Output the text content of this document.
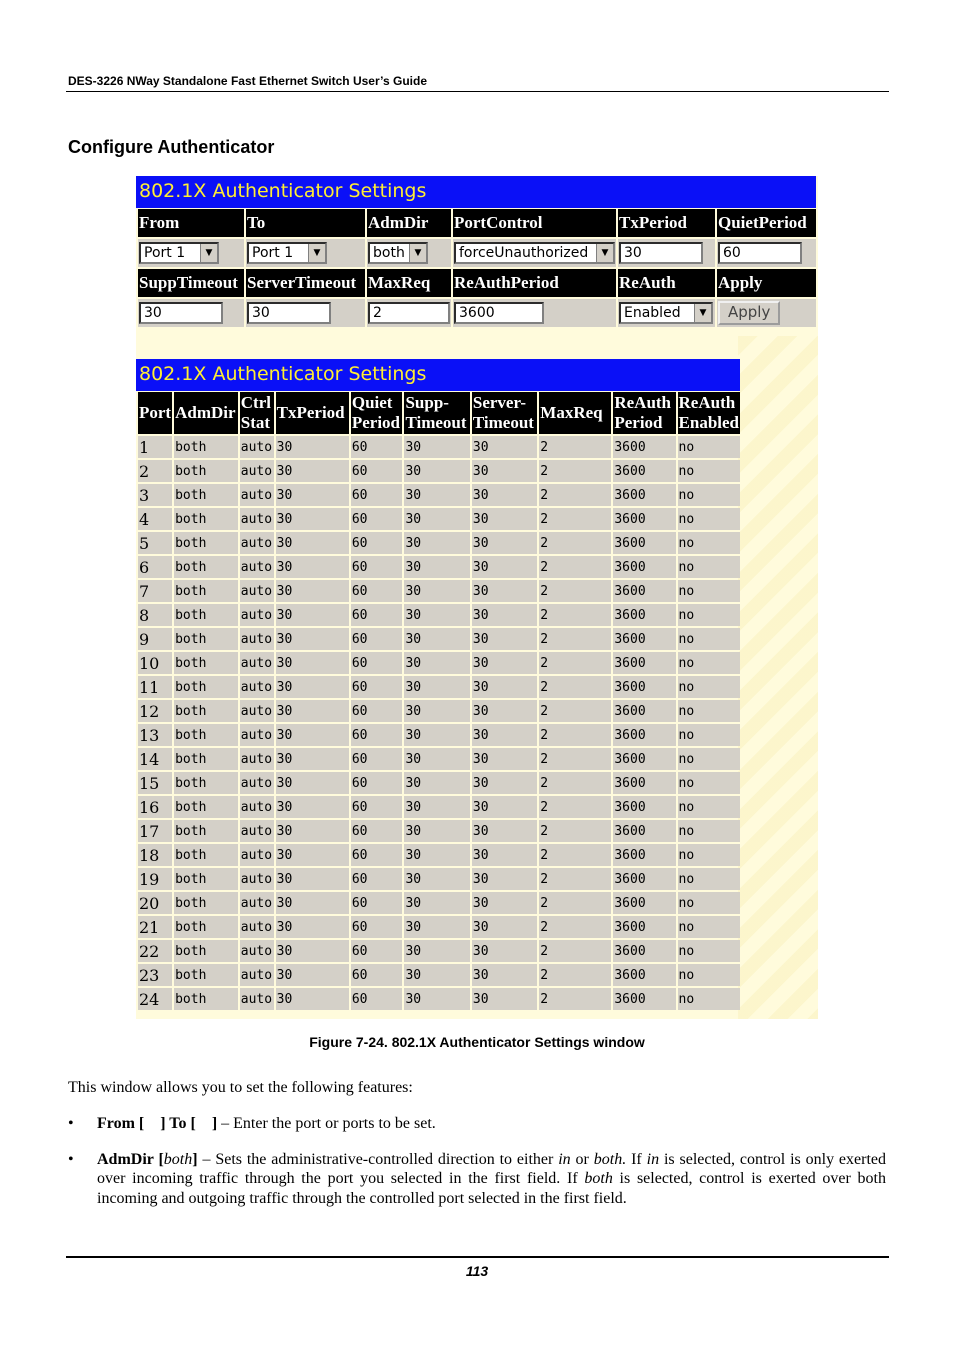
DES-3226 NWay Standalone Fast Ethernet Switch User’s Guide
Configure Authenticator
802.1X Authenticator Settings
From	To	AdmDir	PortControl	TxPeriod	QuietPeriod
Port 1 ▼	Port 1 ▼	both ▼	forceUnauthorized ▼	30	60
SuppTimeout	ServerTimeout	MaxReq	ReAuthPeriod	ReAuth	Apply
30	30	2	3600	Enabled ▼	Apply
802.1X Authenticator Settings
Port	AdmDir	Ctrl Stat	TxPeriod	Quiet Period	Supp- Timeout	Server- Timeout	MaxReq	ReAuth Period	ReAuth Enabled
1	both	auto	30	60	30	30	2	3600	no
2	both	auto	30	60	30	30	2	3600	no
3	both	auto	30	60	30	30	2	3600	no
4	both	auto	30	60	30	30	2	3600	no
5	both	auto	30	60	30	30	2	3600	no
6	both	auto	30	60	30	30	2	3600	no
7	both	auto	30	60	30	30	2	3600	no
8	both	auto	30	60	30	30	2	3600	no
9	both	auto	30	60	30	30	2	3600	no
10	both	auto	30	60	30	30	2	3600	no
11	both	auto	30	60	30	30	2	3600	no
12	both	auto	30	60	30	30	2	3600	no
13	both	auto	30	60	30	30	2	3600	no
14	both	auto	30	60	30	30	2	3600	no
15	both	auto	30	60	30	30	2	3600	no
16	both	auto	30	60	30	30	2	3600	no
17	both	auto	30	60	30	30	2	3600	no
18	both	auto	30	60	30	30	2	3600	no
19	both	auto	30	60	30	30	2	3600	no
20	both	auto	30	60	30	30	2	3600	no
21	both	auto	30	60	30	30	2	3600	no
22	both	auto	30	60	30	30	2	3600	no
23	both	auto	30	60	30	30	2	3600	no
24	both	auto	30	60	30	30	2	3600	no
Figure 7-24. 802.1X Authenticator Settings window
This window allows you to set the following features:
• From [ ] To [ ] – Enter the port or ports to be set.
• AdmDir [both] – Sets the administrative-controlled direction to either in or both. If in is selected, control is only exerted over incoming traffic through the port you selected in the first field. If both is selected, control is exerted over both incoming and outgoing traffic through the controlled port selected in the first field.
113
